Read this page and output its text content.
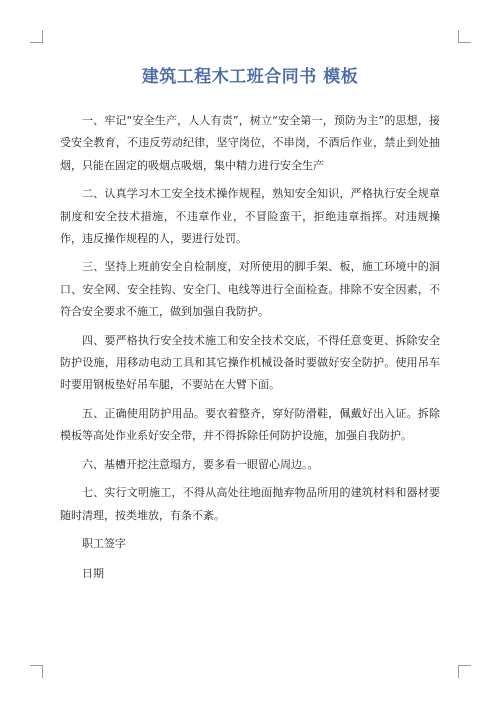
建筑工程木工班合同书 模板

一、牢记“安全生产，人人有责”，树立“安全第一，预防为主”的思想，接受安全教育，不违反劳动纪律，坚守岗位，不串岗，不酒后作业，禁止到处抽烟，只能在固定的吸烟点吸烟，集中精力进行安全生产

二、认真学习木工安全技术操作规程，熟知安全知识，严格执行安全规章制度和安全技术措施，不违章作业，不冒险蛮干，拒绝违章指挥。对违规操作，违反操作规程的人，要进行处罚。

三、坚持上班前安全自检制度，对所使用的脚手架、板，施工环境中的洞口、安全网、安全挂钩、安全门、电线等进行全面检查。排除不安全因素，不符合安全要求不施工，做到加强自我防护。

四、要严格执行安全技术施工和安全技术交底，不得任意变更、拆除安全防护设施，用移动电动工具和其它操作机械设备时要做好安全防护。使用吊车时要用钢板垫好吊车腿，不要站在大臂下面。

五、正确使用防护用品。要衣着整齐，穿好防滑鞋，佩戴好出入证。拆除模板等高处作业系好安全带，并不得拆除任何防护设施，加强自我防护。

六、基槽开挖注意塌方，要多看一眼留心周边。。

七、实行文明施工，不得从高处往地面抛弃物品所用的建筑材料和器材要随时清理，按类堆放，有条不紊。

职工签字

日期
